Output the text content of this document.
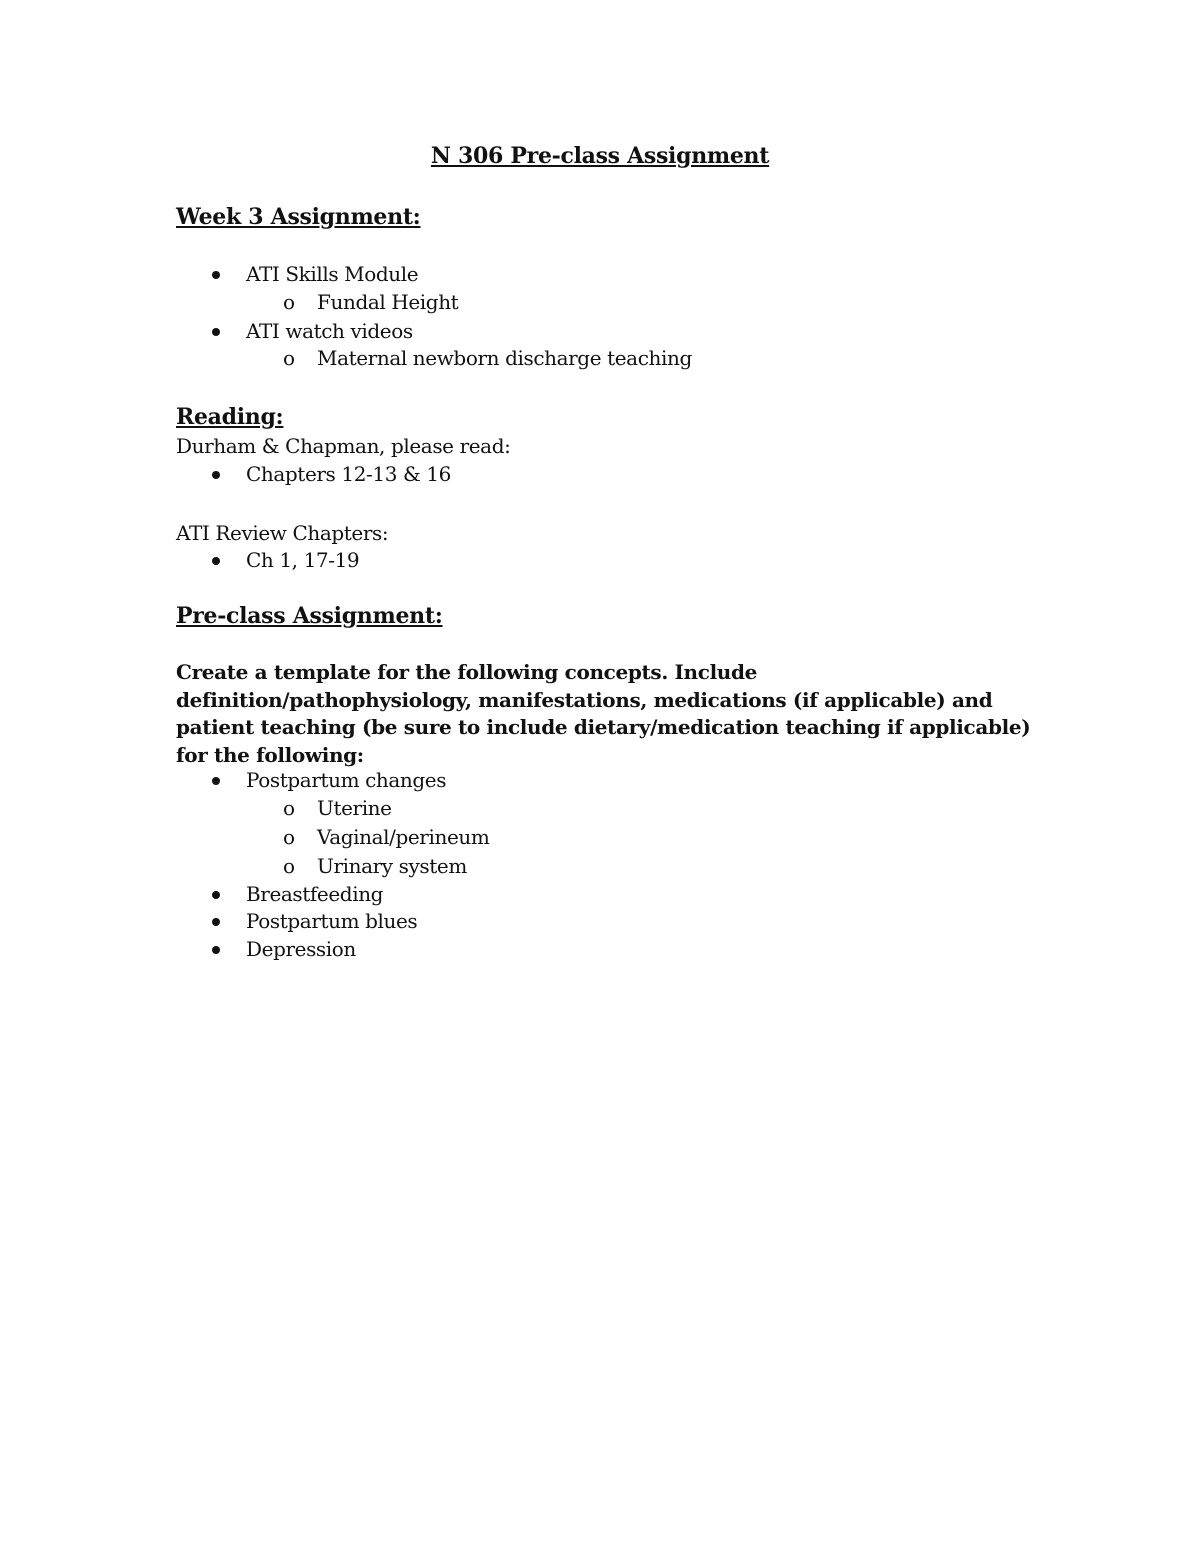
N 306 Pre-class Assignment
Week 3 Assignment:
ATI Skills Module
o Fundal Height
ATI watch videos
o Maternal newborn discharge teaching
Reading:
Durham & Chapman, please read:
Chapters 12-13 & 16
ATI Review Chapters:
Ch 1, 17-19
Pre-class Assignment:
Create a template for the following concepts. Include definition/pathophysiology, manifestations, medications (if applicable) and patient teaching (be sure to include dietary/medication teaching if applicable) for the following:
Postpartum changes
o Uterine
o Vaginal/perineum
o Urinary system
Breastfeeding
Postpartum blues
Depression
